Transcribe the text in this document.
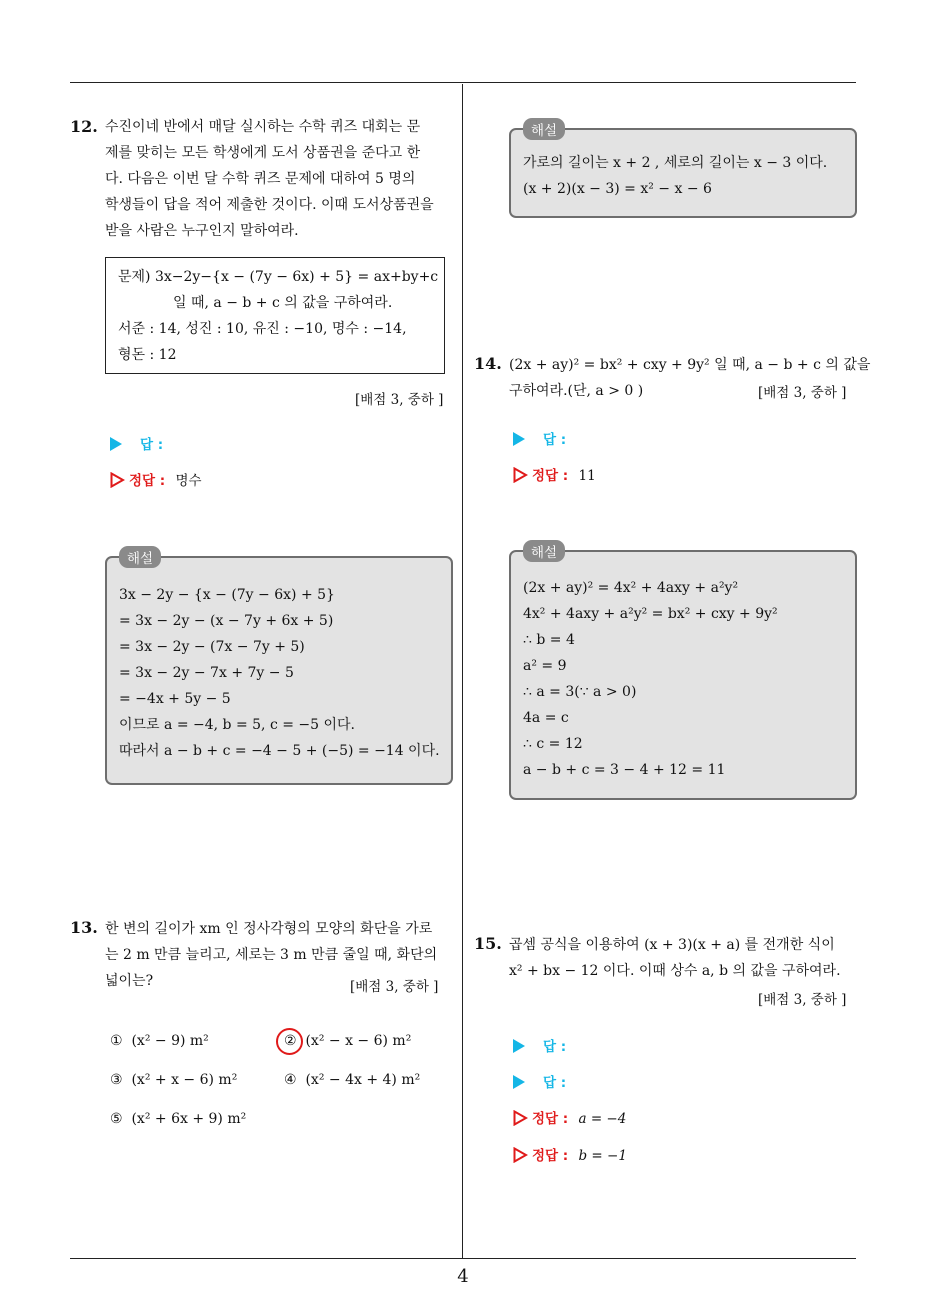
4
12. 수진이네 반에서 매달 실시하는 수학 퀴즈 대회는 문
제를 맞히는 모든 학생에게 도서 상품권을 준다고 한
다. 다음은 이번 달 수학 퀴즈 문제에 대하여 5 명의
학생들이 답을 적어 제출한 것이다. 이때 도서상품권을
받을 사람은 누구인지 말하여라.
문제) 3x−2y−{x − (7y − 6x) + 5} = ax+by+c
일 때, a − b + c 의 값을 구하여라.
서준 : 14, 성진 : 10, 유진 : −10, 명수 : −14,
형돈 : 12
[배점 3, 중하 ]
답 :
정답 : 명수
해설
3x − 2y − {x − (7y − 6x) + 5}
= 3x − 2y − (x − 7y + 6x + 5)
= 3x − 2y − (7x − 7y + 5)
= 3x − 2y − 7x + 7y − 5
= −4x + 5y − 5
이므로 a = −4, b = 5, c = −5 이다.
따라서 a − b + c = −4 − 5 + (−5) = −14 이다.
13. 한 변의 길이가 xm 인 정사각형의 모양의 화단을 가로
는 2 m 만큼 늘리고, 세로는 3 m 만큼 줄일 때, 화단의
넓이는?	[배점 3, 중하 ]
① (x² − 9) m²	② (x² − x − 6) m²
③ (x² + x − 6) m²	④ (x² − 4x + 4) m²
⑤ (x² + 6x + 9) m²
해설
가로의 길이는 x + 2 , 세로의 길이는 x − 3 이다.
(x + 2)(x − 3) = x² − x − 6
14. (2x + ay)² = bx² + cxy + 9y² 일 때, a − b + c 의 값을
구하여라.(단, a > 0 )	[배점 3, 중하 ]
답 :
정답 : 11
해설
(2x + ay)² = 4x² + 4axy + a²y²
4x² + 4axy + a²y² = bx² + cxy + 9y²
∴ b = 4
a² = 9
∴ a = 3(∵ a > 0)
4a = c
∴ c = 12
a − b + c = 3 − 4 + 12 = 11
15. 곱셈 공식을 이용하여 (x + 3)(x + a) 를 전개한 식이
x² + bx − 12 이다. 이때 상수 a, b 의 값을 구하여라.
[배점 3, 중하 ]
답 :
답 :
정답 : a = −4
정답 : b = −1
